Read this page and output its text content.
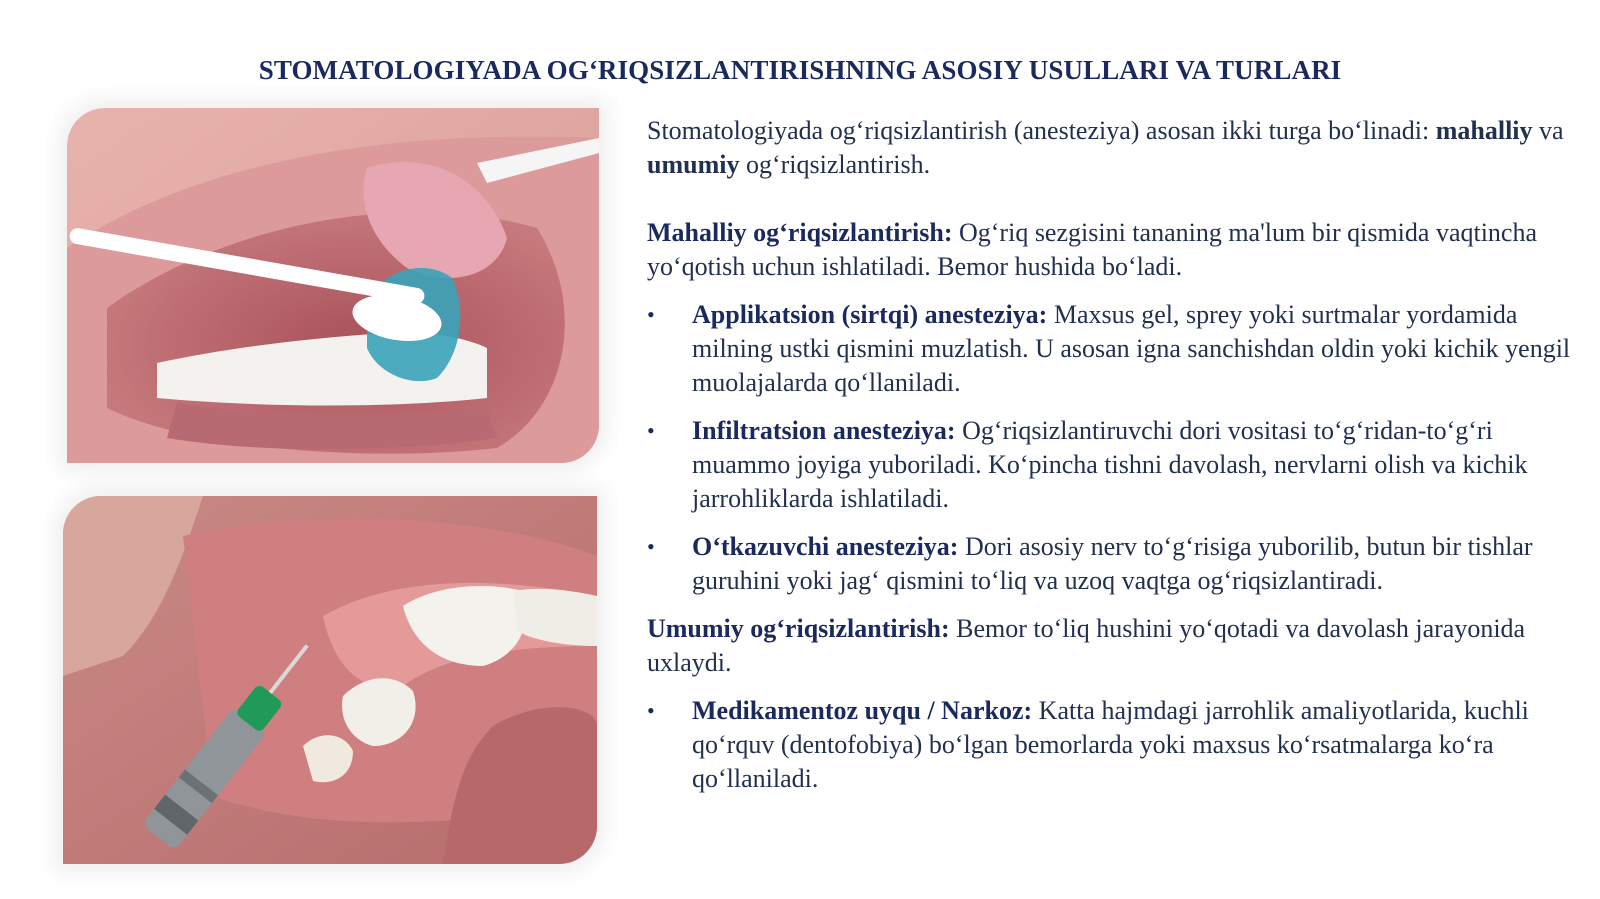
STOMATOLOGIYADA OG‘RIQSIZLANTIRISHNING ASOSIY USULLARI VA TURLARI

Stomatologiyada og‘riqsizlantirish (anesteziya) asosan ikki turga bo‘linadi: mahalliy va umumiy og‘riqsizlantirish.

Mahalliy og‘riqsizlantirish: Og‘riq sezgisini tananing ma'lum bir qismida vaqtincha yo‘qotish uchun ishlatiladi. Bemor hushida bo‘ladi.

• Applikatsion (sirtqi) anesteziya: Maxsus gel, sprey yoki surtmalar yordamida milning ustki qismini muzlatish. U asosan igna sanchishdan oldin yoki kichik yengil muolajalarda qo‘llaniladi.
• Infiltratsion anesteziya: Og‘riqsizlantiruvchi dori vositasi to‘g‘ridan-to‘g‘ri muammo joyiga yuboriladi. Ko‘pincha tishni davolash, nervlarni olish va kichik jarrohliklarda ishlatiladi.
• O‘tkazuvchi anesteziya: Dori asosiy nerv to‘g‘risiga yuborilib, butun bir tishlar guruhini yoki jag‘ qismini to‘liq va uzoq vaqtga og‘riqsizlantiradi.

Umumiy og‘riqsizlantirish: Bemor to‘liq hushini yo‘qotadi va davolash jarayonida uxlaydi.

• Medikamentoz uyqu / Narkoz: Katta hajmdagi jarrohlik amaliyotlarida, kuchli qo‘rquv (dentofobiya) bo‘lgan bemorlarda yoki maxsus ko‘rsatmalarga ko‘ra qo‘llaniladi.
